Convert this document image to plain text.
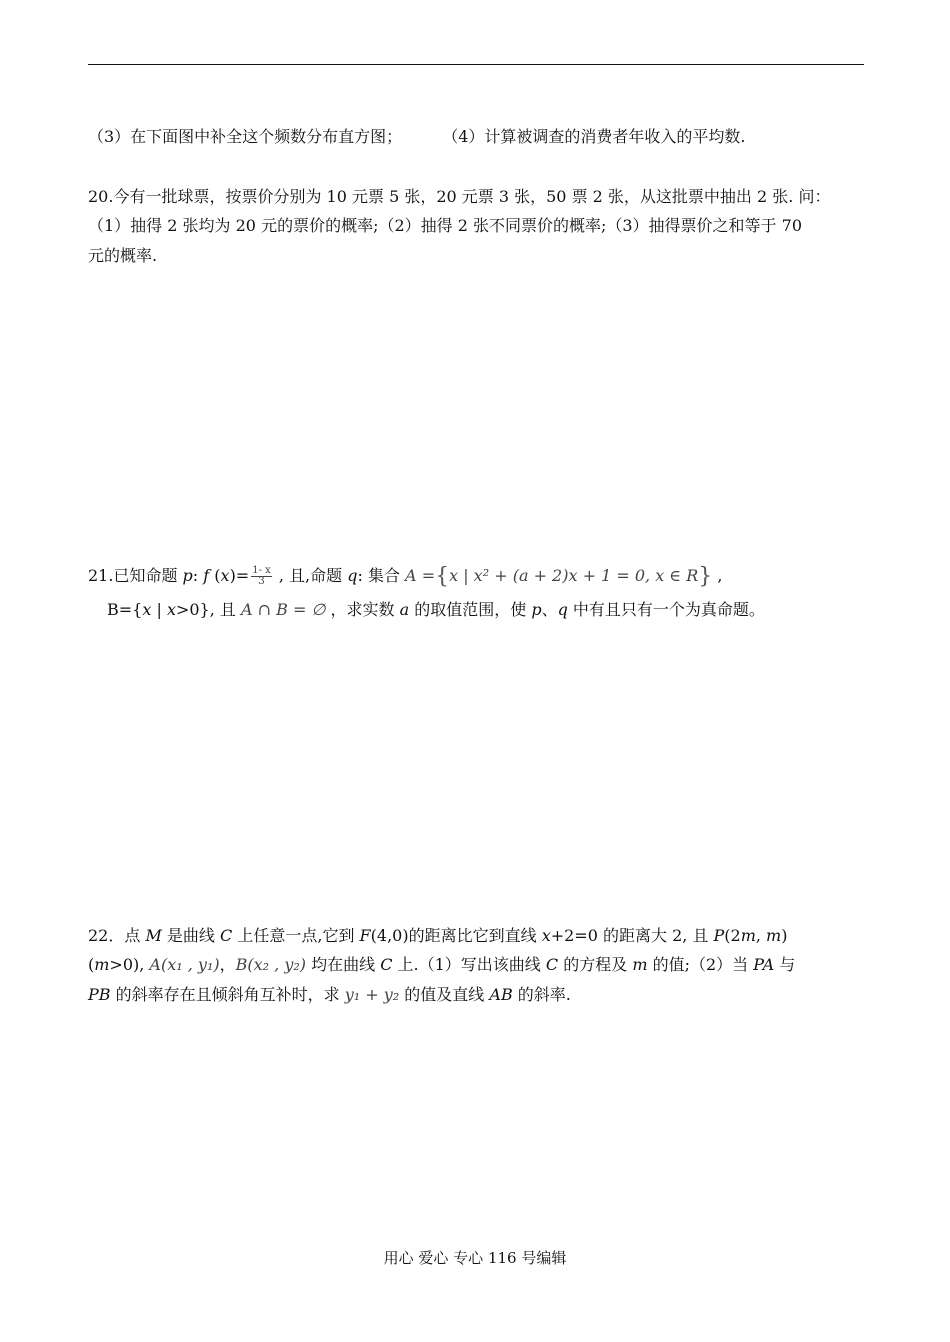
（3）在下面图中补全这个频数分布直方图；	（4）计算被调查的消费者年收入的平均数.
20.今有一批球票，按票价分别为 10 元票 5 张，20 元票 3 张，50 票 2 张，从这批票中抽出 2 张. 问：
（1）抽得 2 张均为 20 元的票价的概率;（2）抽得 2 张不同票价的概率;（3）抽得票价之和等于 70
元的概率.
21.已知命题 p: f $(x)= \frac{1- x}{3}$ , 且,命题 q: 集合 A ={x | x² + (a + 2)x + 1 = 0, x ∈ R} ,
B={x | x>0}, 且 A ∩ B = ∅ ，求实数 a 的取值范围，使 p、q 中有且只有一个为真命题。
22．点 M 是曲线 C 上任意一点,它到 F(4,0)的距离比它到直线 x+2=0 的距离大 2, 且 P(2m, m)
(m>0), A(x₁ , y₁)，B(x₂ , y₂) 均在曲线 C 上.（1）写出该曲线 C 的方程及 m 的值;（2）当 PA 与
PB 的斜率存在且倾斜角互补时，求 y₁ + y₂ 的值及直线 AB 的斜率.
用心 爱心 专心 116 号编辑
